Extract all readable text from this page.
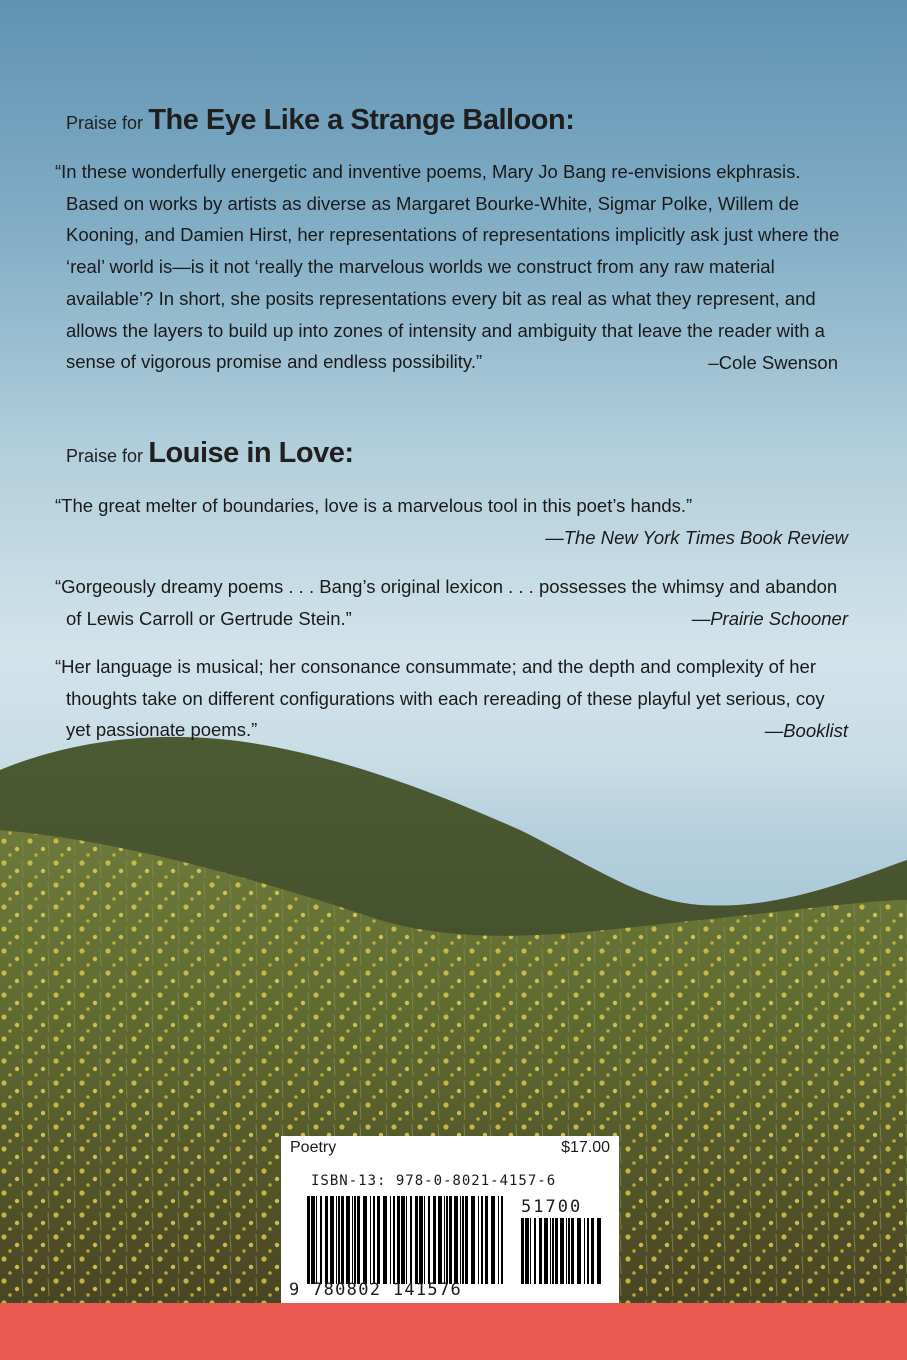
Praise for The Eye Like a Strange Balloon:

“In these wonderfully energetic and inventive poems, Mary Jo Bang re-envisions ekphrasis. Based on works by artists as diverse as Margaret Bourke-White, Sigmar Polke, Willem de Kooning, and Damien Hirst, her representations of representations implicitly ask just where the ‘real’ world is—is it not ‘really the marvelous worlds we construct from any raw material available’? In short, she posits representations every bit as real as what they represent, and allows the layers to build up into zones of intensity and ambiguity that leave the reader with a sense of vigorous promise and endless possibility.”	–Cole Swenson
Praise for Louise in Love:

“The great melter of boundaries, love is a marvelous tool in this poet’s hands.”

—The New York Times Book Review

“Gorgeously dreamy poems . . . Bang’s original lexicon . . . possesses the whimsy and abandon of Lewis Carroll or Gertrude Stein.”	—Prairie Schooner

“Her language is musical; her consonance consummate; and the depth and complexity of her thoughts take on different configurations with each rereading of these playful yet serious, coy yet passionate poems.”	—Booklist
Poetry	$17.00
ISBN-13: 978-0-8021-4157-6
51700
9 780802 141576
